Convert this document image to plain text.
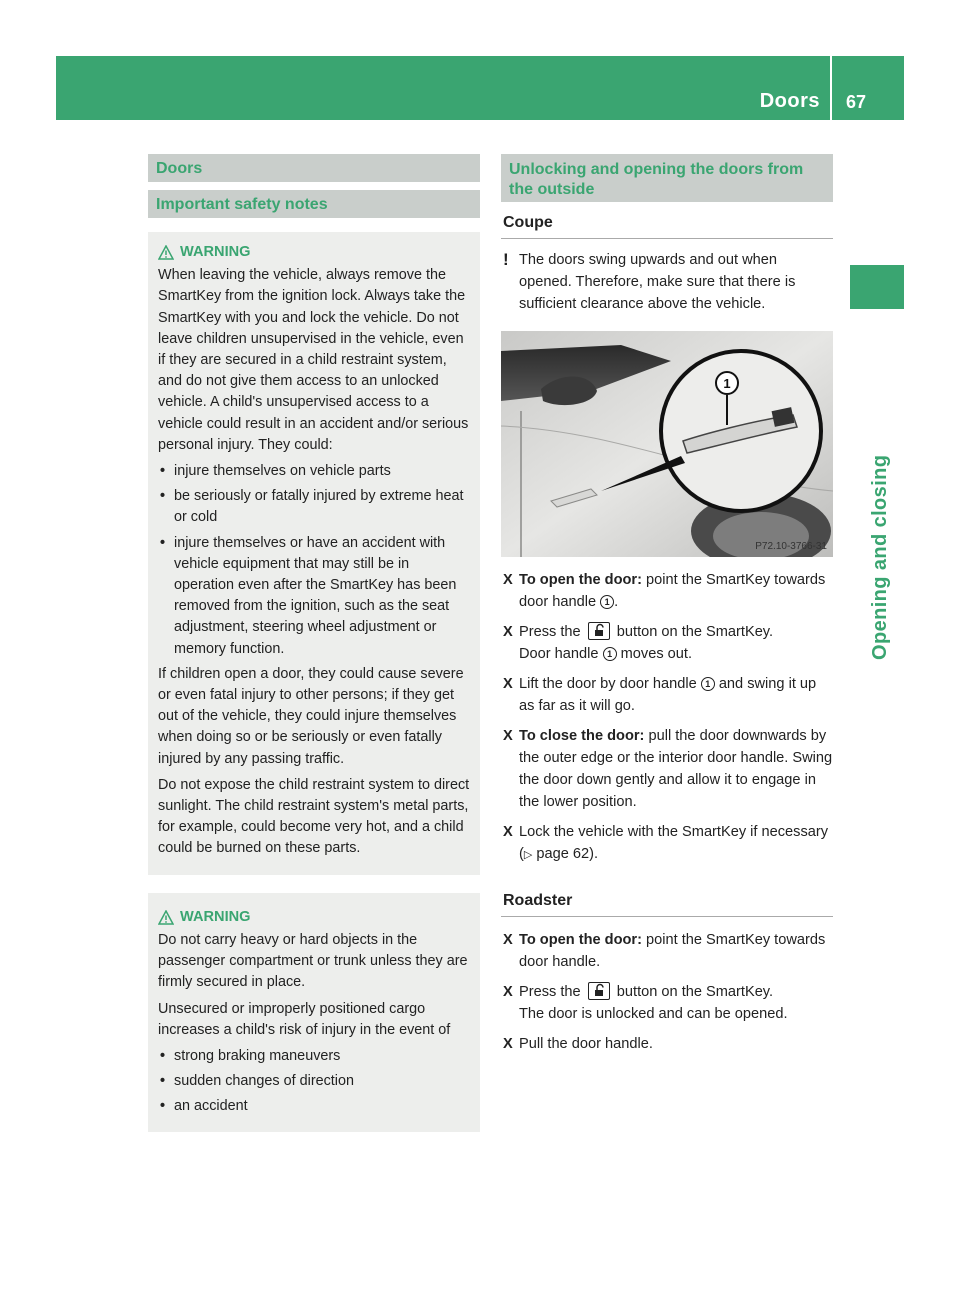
Doors 67
Opening and closing
Doors
Important safety notes
WARNING

When leaving the vehicle, always remove the SmartKey from the ignition lock. Always take the SmartKey with you and lock the vehicle. Do not leave children unsupervised in the vehicle, even if they are secured in a child restraint system, and do not give them access to an unlocked vehicle. A child's unsupervised access to a vehicle could result in an accident and/or serious personal injury. They could:

• injure themselves on vehicle parts
• be seriously or fatally injured by extreme heat or cold
• injure themselves or have an accident with vehicle equipment that may still be in operation even after the SmartKey has been removed from the ignition, such as the seat adjustment, steering wheel adjustment or memory function.

If children open a door, they could cause severe or even fatal injury to other persons; if they get out of the vehicle, they could injure themselves when doing so or be seriously or even fatally injured by any passing traffic.

Do not expose the child restraint system to direct sunlight. The child restraint system's metal parts, for example, could become very hot, and a child could be burned on these parts.

WARNING

Do not carry heavy or hard objects in the passenger compartment or trunk unless they are firmly secured in place.

Unsecured or improperly positioned cargo increases a child's risk of injury in the event of

• strong braking maneuvers
• sudden changes of direction
• an accident
Unlocking and opening the doors from the outside
Coupe
! The doors swing upwards and out when opened. Therefore, make sure that there is sufficient clearance above the vehicle.
1
P72.10-3766-31
X To open the door: point the SmartKey towards door handle 1 .
X Press the button on the SmartKey.
Door handle 1 moves out.
X Lift the door by door handle 1 and swing it up as far as it will go.
X To close the door: pull the door downwards by the outer edge or the interior door handle. Swing the door down gently and allow it to engage in the lower position.
X Lock the vehicle with the SmartKey if necessary (▷ page 62).
Roadster
X To open the door: point the SmartKey towards door handle.
X Press the button on the SmartKey.
The door is unlocked and can be opened.
X Pull the door handle.
